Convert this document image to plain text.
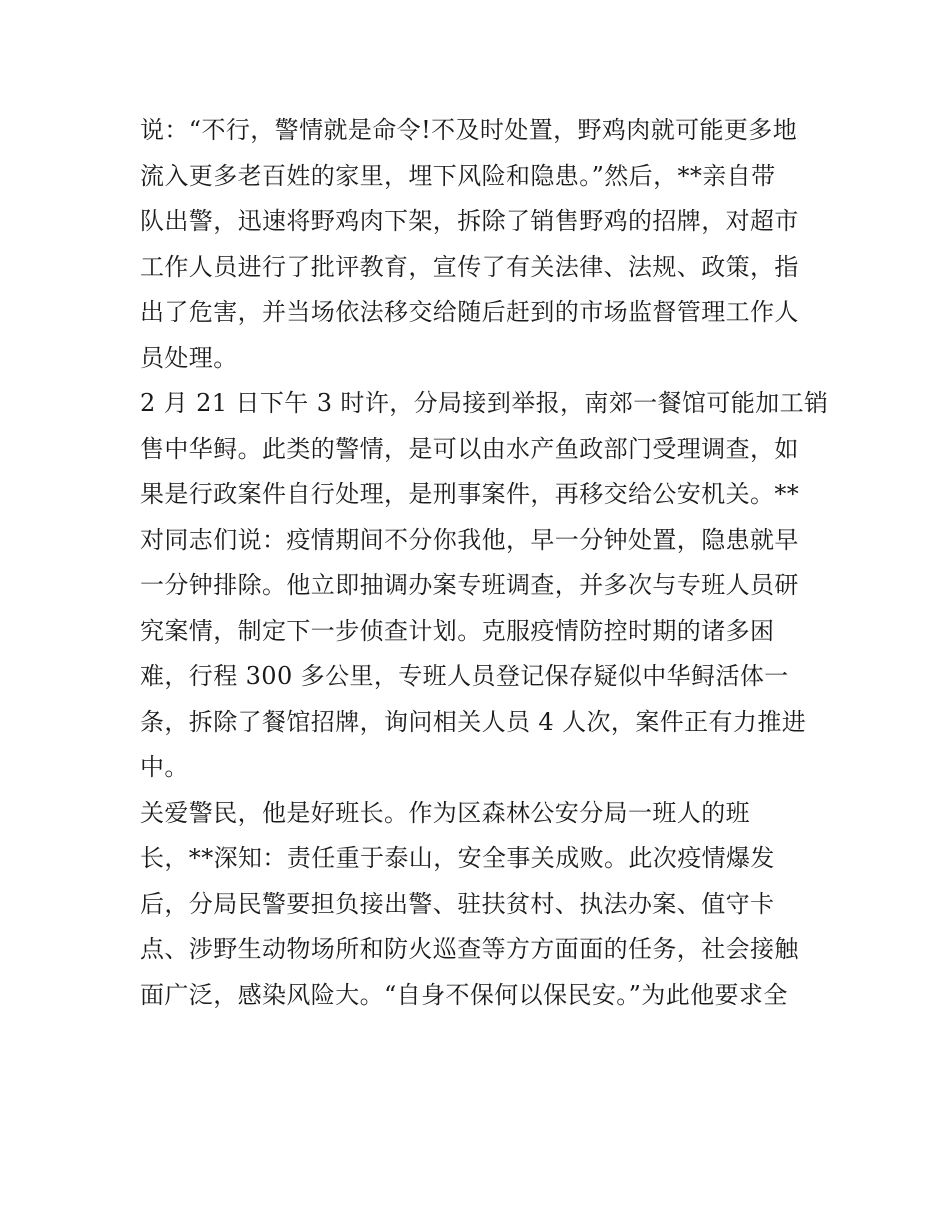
说：“不行，警情就是命令!不及时处置，野鸡肉就可能更多地
流入更多老百姓的家里，埋下风险和隐患。”然后，**亲自带
队出警，迅速将野鸡肉下架，拆除了销售野鸡的招牌，对超市
工作人员进行了批评教育，宣传了有关法律、法规、政策，指
出了危害，并当场依法移交给随后赶到的市场监督管理工作人
员处理。
2 月 21 日下午 3 时许，分局接到举报，南郊一餐馆可能加工销
售中华鲟。此类的警情，是可以由水产鱼政部门受理调查，如
果是行政案件自行处理，是刑事案件，再移交给公安机关。**
对同志们说：疫情期间不分你我他，早一分钟处置，隐患就早
一分钟排除。他立即抽调办案专班调查，并多次与专班人员研
究案情，制定下一步侦查计划。克服疫情防控时期的诸多困
难，行程 300 多公里，专班人员登记保存疑似中华鲟活体一
条，拆除了餐馆招牌，询问相关人员 4 人次，案件正有力推进
中。
关爱警民，他是好班长。作为区森林公安分局一班人的班
长，**深知：责任重于泰山，安全事关成败。此次疫情爆发
后，分局民警要担负接出警、驻扶贫村、执法办案、值守卡
点、涉野生动物场所和防火巡查等方方面面的任务，社会接触
面广泛，感染风险大。“自身不保何以保民安。”为此他要求全
